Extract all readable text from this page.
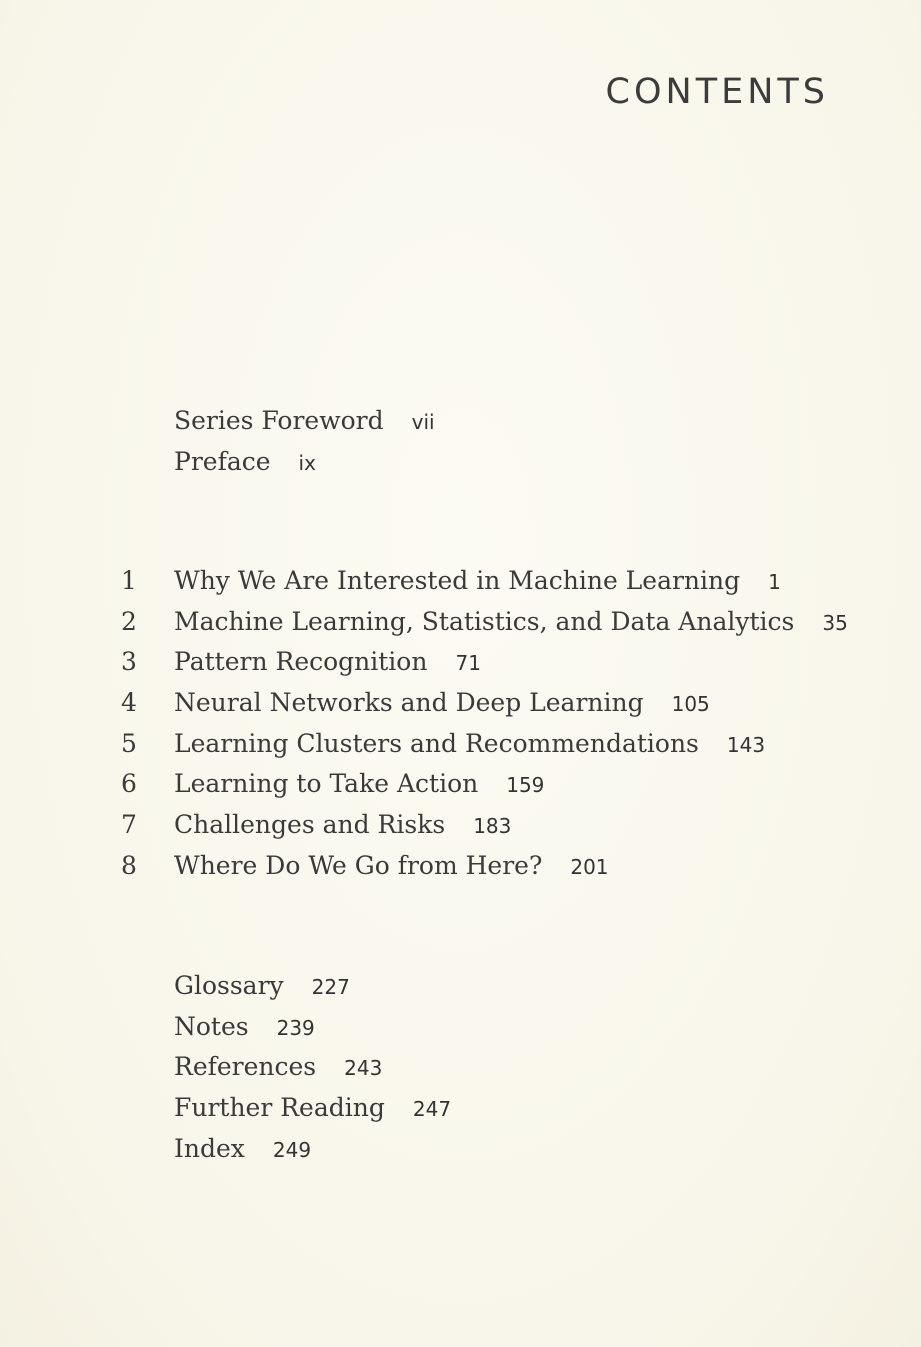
CONTENTS
Series Foreword vii
Preface ix
1 Why We Are Interested in Machine Learning 1
2 Machine Learning, Statistics, and Data Analytics 35
3 Pattern Recognition 71
4 Neural Networks and Deep Learning 105
5 Learning Clusters and Recommendations 143
6 Learning to Take Action 159
7 Challenges and Risks 183
8 Where Do We Go from Here? 201
Glossary 227
Notes 239
References 243
Further Reading 247
Index 249
